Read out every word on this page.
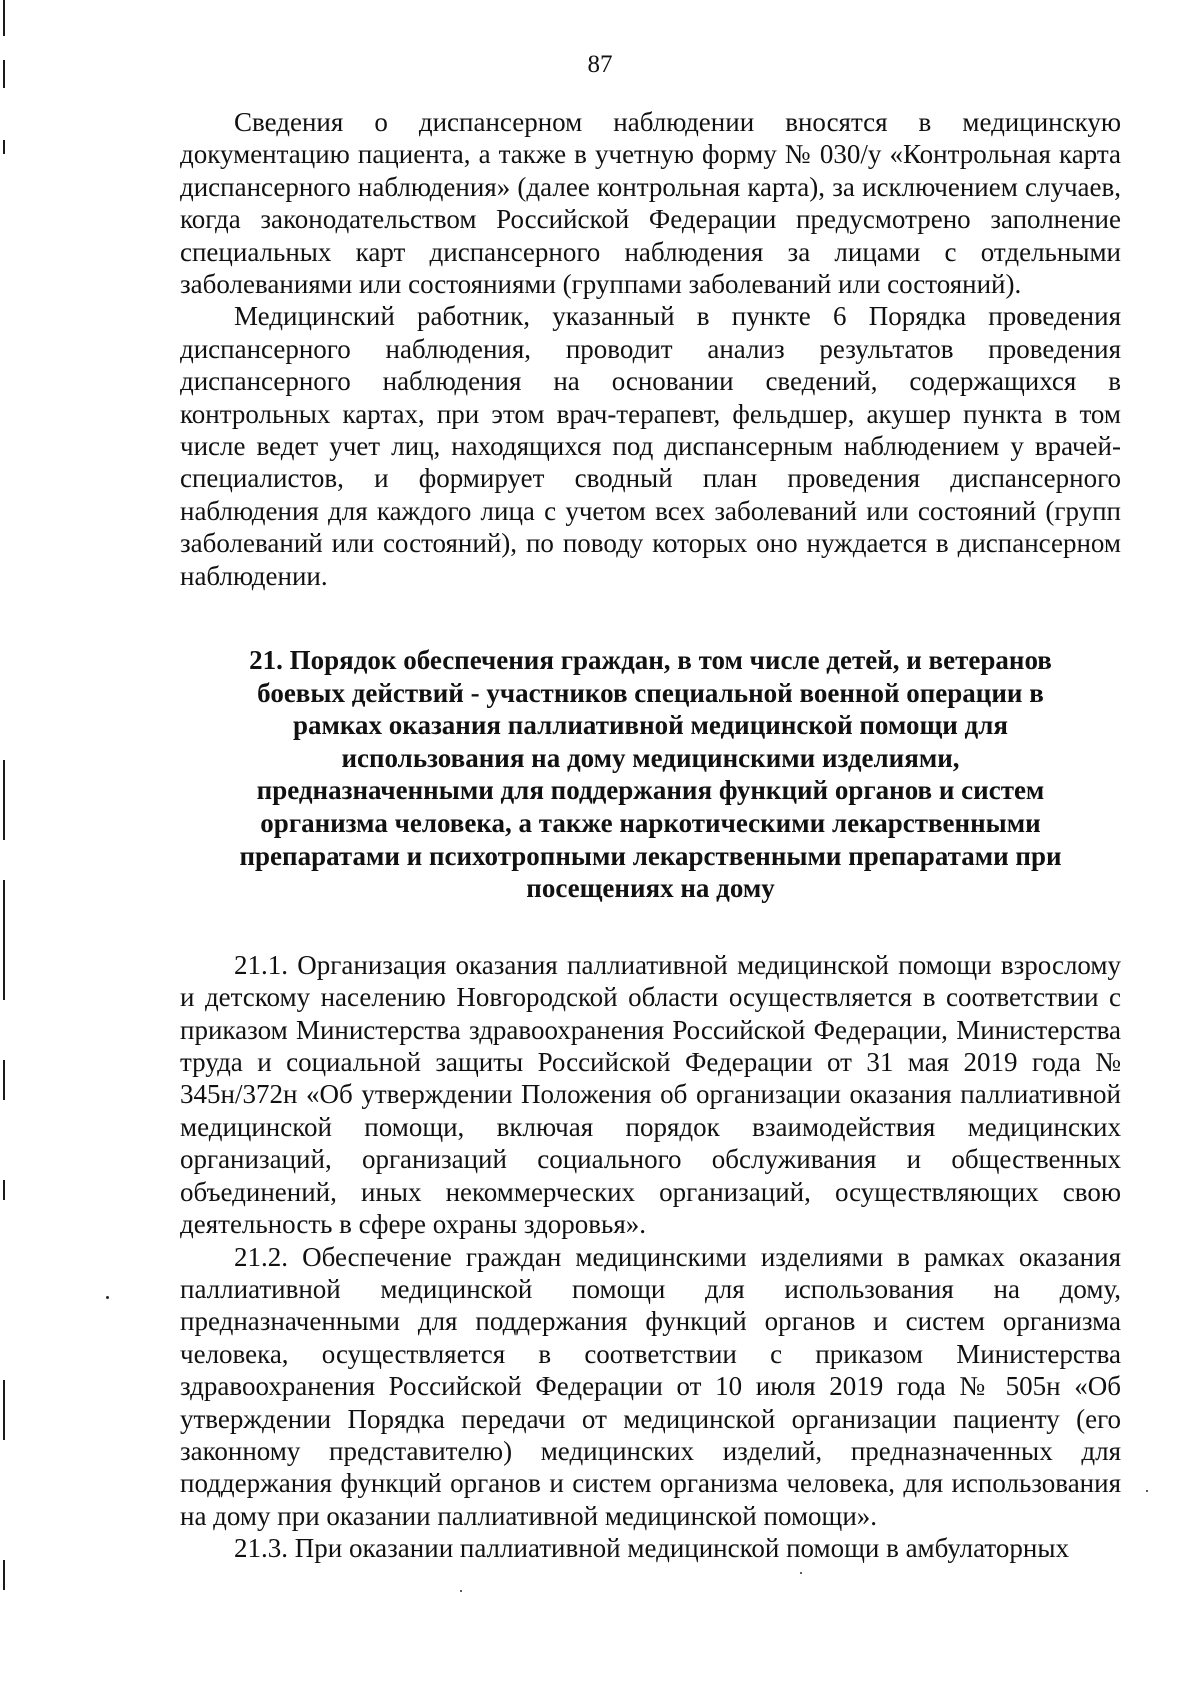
87

Сведения о диспансерном наблюдении вносятся в медицинскую документацию пациента, а также в учетную форму № 030/у «Контрольная карта диспансерного наблюдения» (далее контрольная карта), за исключением случаев, когда законодательством Российской Федерации предусмотрено заполнение специальных карт диспансерного наблюдения за лицами с отдельными заболеваниями или состояниями (группами заболеваний или состояний).

Медицинский работник, указанный в пункте 6 Порядка проведения диспансерного наблюдения, проводит анализ результатов проведения диспансерного наблюдения на основании сведений, содержащихся в контрольных картах, при этом врач-терапевт, фельдшер, акушер пункта в том числе ведет учет лиц, находящихся под диспансерным наблюдением у врачей-специалистов, и формирует сводный план проведения диспансерного наблюдения для каждого лица с учетом всех заболеваний или состояний (групп заболеваний или состояний), по поводу которых оно нуждается в диспансерном наблюдении.

21. Порядок обеспечения граждан, в том числе детей, и ветеранов боевых действий - участников специальной военной операции в рамках оказания паллиативной медицинской помощи для использования на дому медицинскими изделиями, предназначенными для поддержания функций органов и систем организма человека, а также наркотическими лекарственными препаратами и психотропными лекарственными препаратами при посещениях на дому

21.1. Организация оказания паллиативной медицинской помощи взрослому и детскому населению Новгородской области осуществляется в соответствии с приказом Министерства здравоохранения Российской Федерации, Министерства труда и социальной защиты Российской Федерации от 31 мая 2019 года № 345н/372н «Об утверждении Положения об организации оказания паллиативной медицинской помощи, включая порядок взаимодействия медицинских организаций, организаций социального обслуживания и общественных объединений, иных некоммерческих организаций, осуществляющих свою деятельность в сфере охраны здоровья».

21.2. Обеспечение граждан медицинскими изделиями в рамках оказания паллиативной медицинской помощи для использования на дому, предназначенными для поддержания функций органов и систем организма человека, осуществляется в соответствии с приказом Министерства здравоохранения Российской Федерации от 10 июля 2019 года № 505н «Об утверждении Порядка передачи от медицинской организации пациенту (его законному представителю) медицинских изделий, предназначенных для поддержания функций органов и систем организма человека, для использования на дому при оказании паллиативной медицинской помощи».

21.3. При оказании паллиативной медицинской помощи в амбулаторных
